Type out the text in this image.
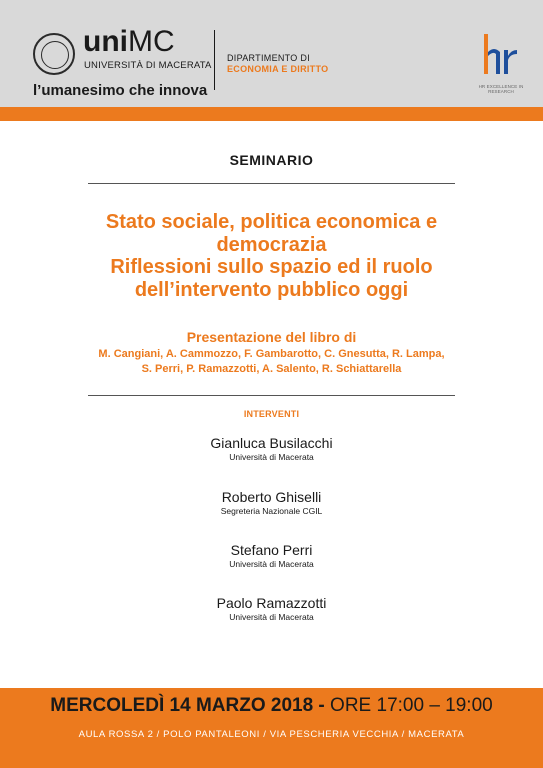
uniMC
UNIVERSITÀ DI MACERATA
l’umanesimo che innova
DIPARTIMENTO DI
ECONOMIA E DIRITTO
HR EXCELLENCE IN RESEARCH
SEMINARIO
Stato sociale, politica economica e
democrazia
Riflessioni sullo spazio ed il ruolo
dell’intervento pubblico oggi
Presentazione del libro di
M. Cangiani, A. Cammozzo, F. Gambarotto, C. Gnesutta, R. Lampa,
S. Perri, P. Ramazzotti, A. Salento, R. Schiattarella
INTERVENTI
Gianluca Busilacchi
Università di Macerata
Roberto Ghiselli
Segreteria Nazionale CGIL
Stefano Perri
Università di Macerata
Paolo Ramazzotti
Università di Macerata
MERCOLEDÌ 14 MARZO 2018 - ORE 17:00 – 19:00
AULA ROSSA 2 / POLO PANTALEONI / VIA PESCHERIA VECCHIA / MACERATA
